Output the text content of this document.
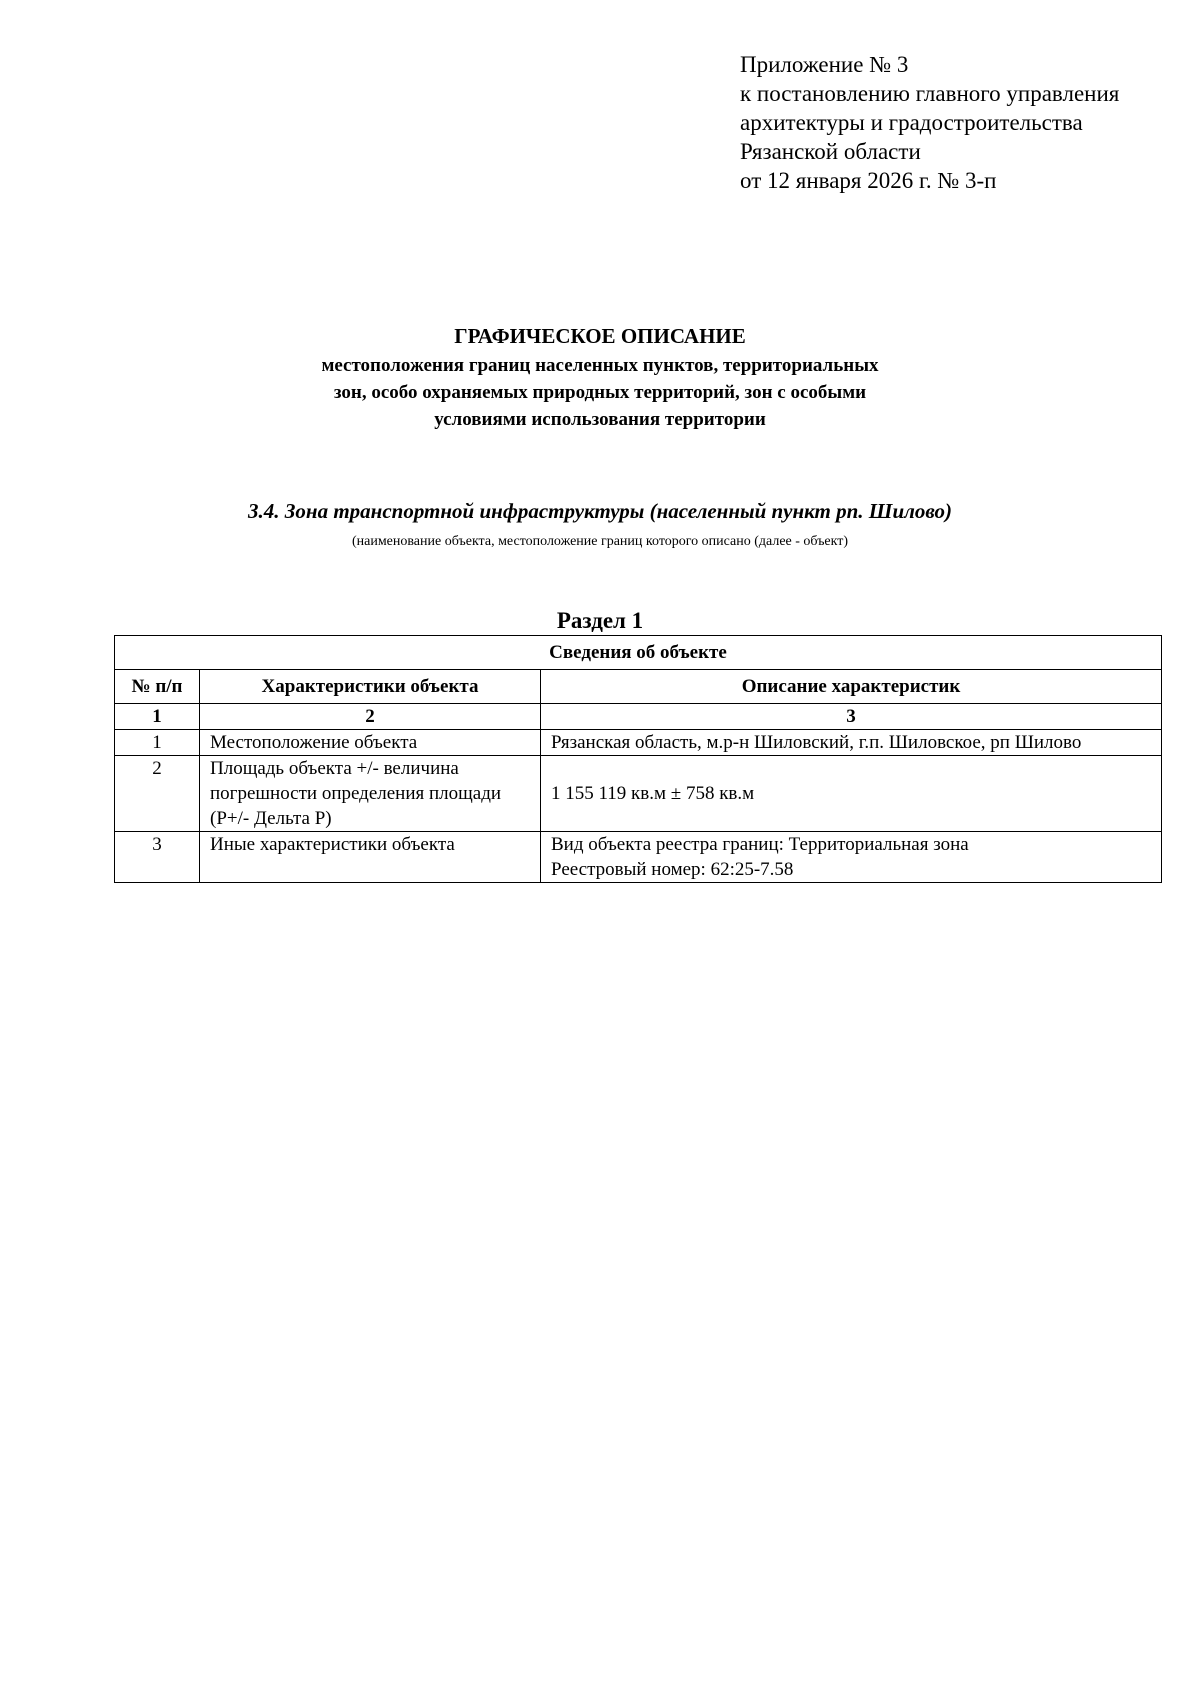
Приложение № 3
к постановлению главного управления
архитектуры и градостроительства
Рязанской области
от 12 января 2026 г. № 3-п
ГРАФИЧЕСКОЕ ОПИСАНИЕ
местоположения границ населенных пунктов, территориальных
зон, особо охраняемых природных территорий, зон с особыми
условиями использования территории
3.4. Зона транспортной инфраструктуры (населенный пункт рп. Шилово)
(наименование объекта, местоположение границ которого описано (далее - объект)
Раздел 1
Сведения об объекте		
№ п/п	Характеристики объекта	Описание характеристик
1	2	3
1	Местоположение объекта	Рязанская область, м.р-н Шиловский, г.п. Шиловское, рп Шилово

2	Площадь объекта +/- величина
погрешности определения площади
(P+/- Дельта P)	1 155 119 кв.м ± 758 кв.м

3	Иные характеристики объекта	Вид объекта реестра границ: Территориальная зона
Реестровый номер: 62:25-7.58
